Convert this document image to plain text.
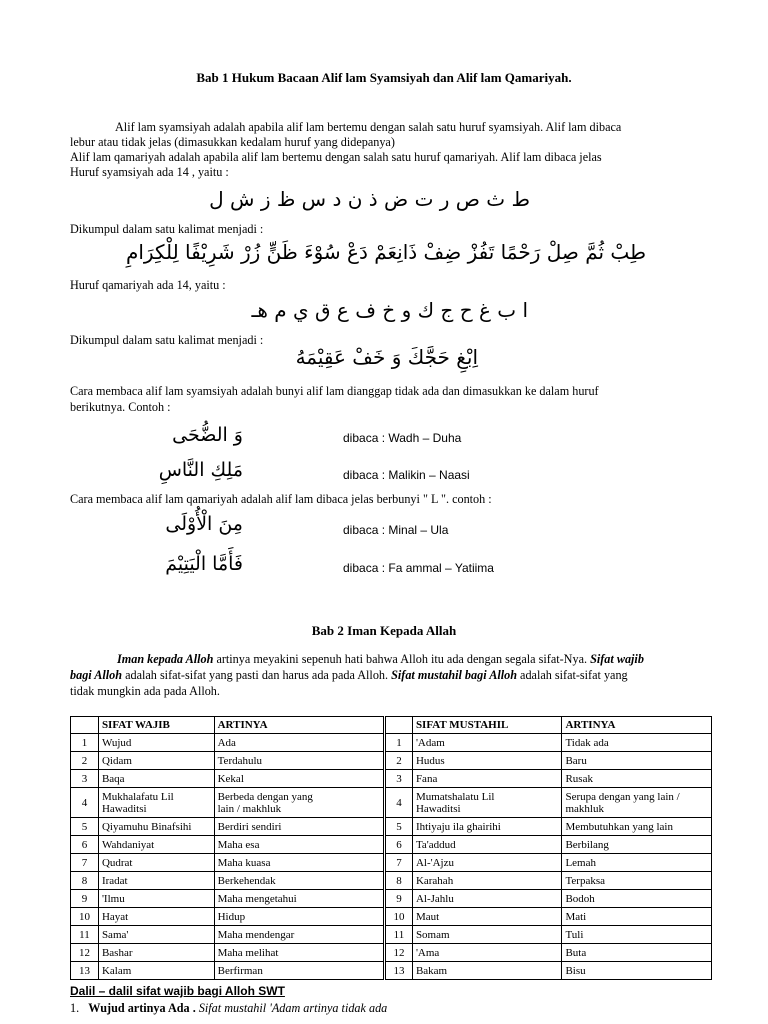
Bab 1 Hukum Bacaan Alif lam Syamsiyah dan Alif lam Qamariyah.
Alif lam syamsiyah adalah apabila alif lam bertemu dengan salah satu huruf syamsiyah. Alif lam dibaca
lebur atau tidak jelas (dimasukkan kedalam huruf yang didepanya)
Alif lam qamariyah adalah apabila alif lam bertemu dengan salah satu huruf qamariyah. Alif lam dibaca jelas
Huruf syamsiyah ada 14 , yaitu :
ط ث ص ر ت ض ذ ن د س ظ ز ش ل
Dikumpul dalam satu kalimat menjadi :
طِبْ ثُمَّ صِلْ رَحْمًا تَفُزْ ضِفْ ذَانِعَمْ دَعْ سُوْءَ ظَنٍّ زُرْ شَرِيْفًا لِلْكِرَامِ
Huruf qamariyah ada 14, yaitu :
ا ب غ ح ج ك و خ ف ع ق ي م هـ
Dikumpul dalam satu kalimat menjadi :
اِبْغِ حَجَّكَ وَ خَفْ عَقِيْمَهُ
Cara membaca alif lam syamsiyah adalah bunyi alif lam dianggap tidak ada dan dimasukkan ke dalam huruf
berikutnya. Contoh :
وَ الضُّحَى	dibaca : Wadh – Duha
مَلِكِ النَّاسِ	dibaca : Malikin – Naasi
Cara membaca alif lam qamariyah adalah alif lam dibaca jelas berbunyi " L ". contoh :
مِنَ الْأُوْلَى	dibaca : Minal – Ula
فَأَمَّا الْيَتِيْمَ	dibaca : Fa ammal – Yatiima
Bab 2 Iman Kepada Allah
Iman kepada Alloh artinya meyakini sepenuh hati bahwa Alloh itu ada dengan segala sifat-Nya. Sifat wajib
bagi Alloh adalah sifat-sifat yang pasti dan harus ada pada Alloh. Sifat mustahil bagi Alloh adalah sifat-sifat yang
tidak mungkin ada pada Alloh.
	SIFAT WAJIB	ARTINYA
1	Wujud	Ada
2	Qidam	Terdahulu
3	Baqa	Kekal
4	Mukhalafatu Lil
Hawaditsi	Berbeda dengan yang
lain / makhluk
5	Qiyamuhu Binafsihi	Berdiri sendiri
6	Wahdaniyat	Maha esa
7	Qudrat	Maha kuasa
8	Iradat	Berkehendak
9	'Ilmu	Maha mengetahui
10	Hayat	Hidup
11	Sama'	Maha mendengar
12	Bashar	Maha melihat
13	Kalam	Berfirman
	SIFAT MUSTAHIL	ARTINYA
1	'Adam	Tidak ada
2	Hudus	Baru
3	Fana	Rusak
4	Mumatshalatu Lil
Hawaditsi	Serupa dengan yang lain /
makhluk
5	Ihtiyaju ila ghairihi	Membutuhkan yang lain
6	Ta'addud	Berbilang
7	Al-'Ajzu	Lemah
8	Karahah	Terpaksa
9	Al-Jahlu	Bodoh
10	Maut	Mati
11	Somam	Tuli
12	'Ama	Buta
13	Bakam	Bisu
Dalil – dalil sifat wajib bagi Alloh SWT
1. Wujud artinya Ada . Sifat mustahil 'Adam artinya tidak ada
